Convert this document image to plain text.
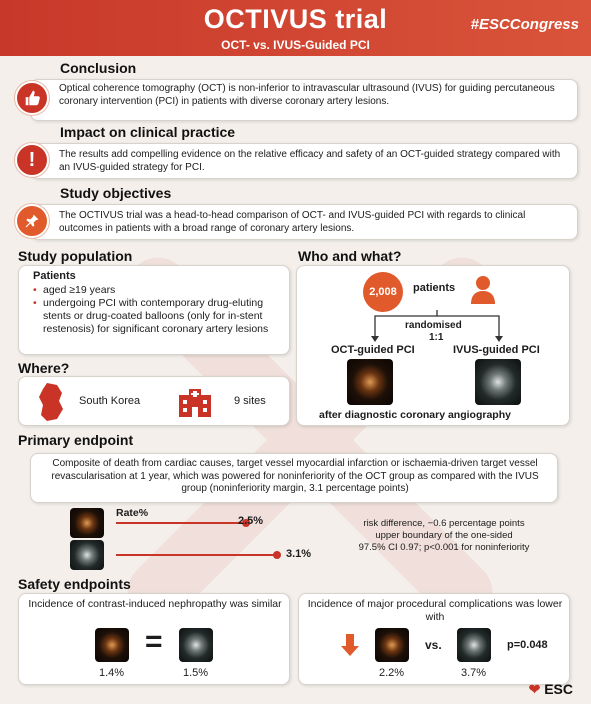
OCTIVUS trial
OCT- vs. IVUS-Guided PCI
#ESCCongress
Conclusion
Optical coherence tomography (OCT) is non-inferior to intravascular ultrasound (IVUS) for guiding percutaneous coronary intervention (PCI) in patients with diverse coronary artery lesions.
Impact on clinical practice
The results add compelling evidence on the relative efficacy and safety of an OCT-guided strategy compared with an IVUS-guided strategy for PCI.
!
Study objectives
The OCTIVUS trial was a head-to-head comparison of OCT- and IVUS-guided PCI with regards to clinical outcomes in patients with a broad range of coronary artery lesions.
Study population
Patients
• aged ≥19 years
• undergoing PCI with contemporary drug-eluting stents or drug-coated balloons (only for in-stent restenosis) for significant coronary artery lesions
Where?
South Korea	9 sites
Who and what?
2,008 patients
randomised
1:1
OCT-guided PCI	IVUS-guided PCI
after diagnostic coronary angiography
Primary endpoint
Composite of death from cardiac causes, target vessel myocardial infarction or ischaemia-driven target vessel revascularisation at 1 year, which was powered for noninferiority of the OCT group as compared with the IVUS group (noninferiority margin, 3.1 percentage points)
Rate%
2.5%
3.1%
risk difference, −0.6 percentage points
upper boundary of the one-sided
97.5% CI 0.97; p<0.001 for noninferiority
Safety endpoints
Incidence of contrast-induced nephropathy was similar
=
1.4%	1.5%
Incidence of major procedural complications was lower with
vs.	p=0.048
2.2%	3.7%
❤ ESC
